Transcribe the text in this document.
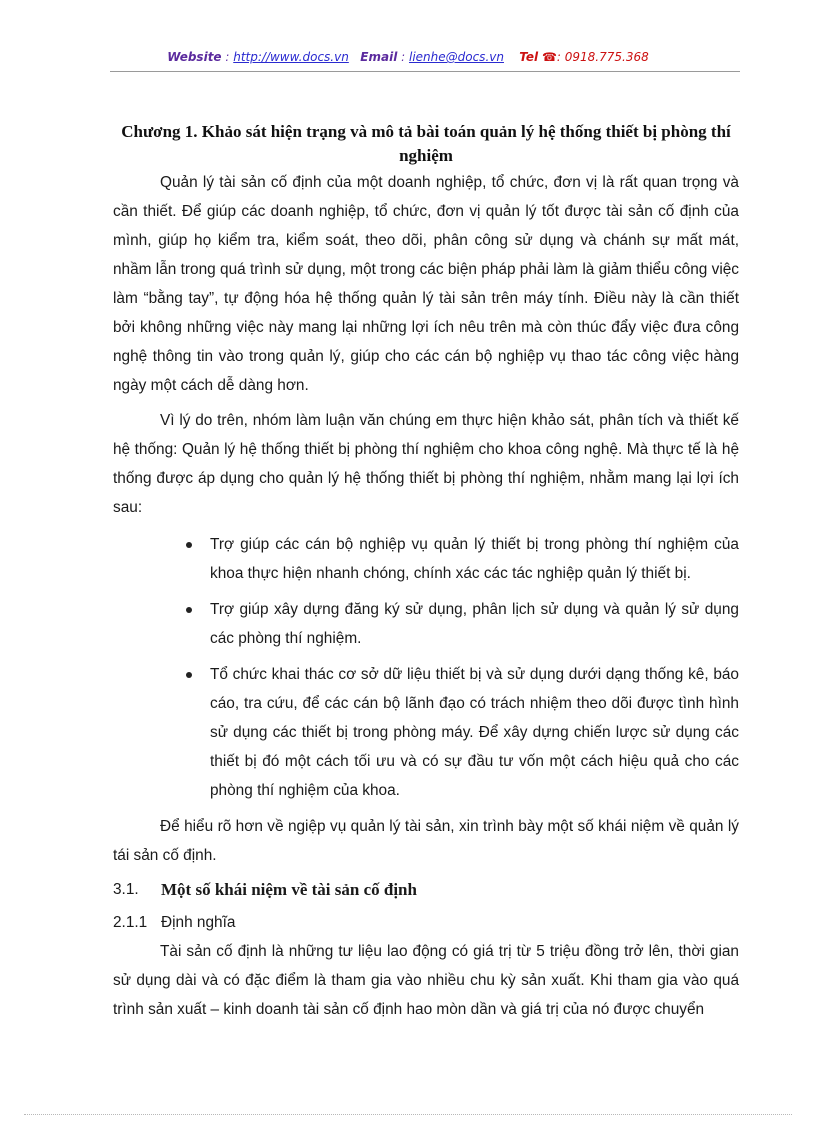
Website : http://www.docs.vn Email : lienhe@docs.vn Tel ☎: 0918.775.368
Chương 1. Khảo sát hiện trạng và mô tả bài toán quản lý hệ thống thiết bị phòng thí nghiệm

Quản lý tài sản cố định của một doanh nghiệp, tổ chức, đơn vị là rất quan trọng và cần thiết. Để giúp các doanh nghiệp, tổ chức, đơn vị quản lý tốt được tài sản cố định của mình, giúp họ kiểm tra, kiểm soát, theo dõi, phân công sử dụng và chánh sự mất mát, nhầm lẫn trong quá trình sử dụng, một trong các biện pháp phải làm là giảm thiểu công việc làm “bằng tay”, tự động hóa hệ thống quản lý tài sản trên máy tính. Điều này là cần thiết bởi không những việc này mang lại những lợi ích nêu trên mà còn thúc đẩy việc đưa công nghệ thông tin vào trong quản lý, giúp cho các cán bộ nghiệp vụ thao tác công việc hàng ngày một cách dễ dàng hơn.

Vì lý do trên, nhóm làm luận văn chúng em thực hiện khảo sát, phân tích và thiết kế hệ thống: Quản lý hệ thống thiết bị phòng thí nghiệm cho khoa công nghệ. Mà thực tế là hệ thống được áp dụng cho quản lý hệ thống thiết bị phòng thí nghiệm, nhằm mang lại lợi ích sau:

Trợ giúp các cán bộ nghiệp vụ quản lý thiết bị trong phòng thí nghiệm của khoa thực hiện nhanh chóng, chính xác các tác nghiệp quản lý thiết bị.
Trợ giúp xây dựng đăng ký sử dụng, phân lịch sử dụng và quản lý sử dụng các phòng thí nghiệm.
Tổ chức khai thác cơ sở dữ liệu thiết bị và sử dụng dưới dạng thống kê, báo cáo, tra cứu, để các cán bộ lãnh đạo có trách nhiệm theo dõi được tình hình sử dụng các thiết bị trong phòng máy. Để xây dựng chiến lược sử dụng các thiết bị đó một cách tối ưu và có sự đầu tư vốn một cách hiệu quả cho các phòng thí nghiệm của khoa.

Để hiểu rõ hơn về ngiệp vụ quản lý tài sản, xin trình bày một số khái niệm về quản lý tái sản cố định.

3.1.	Một số khái niệm về tài sản cố định
2.1.1 Định nghĩa

Tài sản cố định là những tư liệu lao động có giá trị từ 5 triệu đồng trở lên, thời gian sử dụng dài và có đặc điểm là tham gia vào nhiều chu kỳ sản xuất. Khi tham gia vào quá trình sản xuất – kinh doanh tài sản cố định hao mòn dần và giá trị của nó được chuyển
